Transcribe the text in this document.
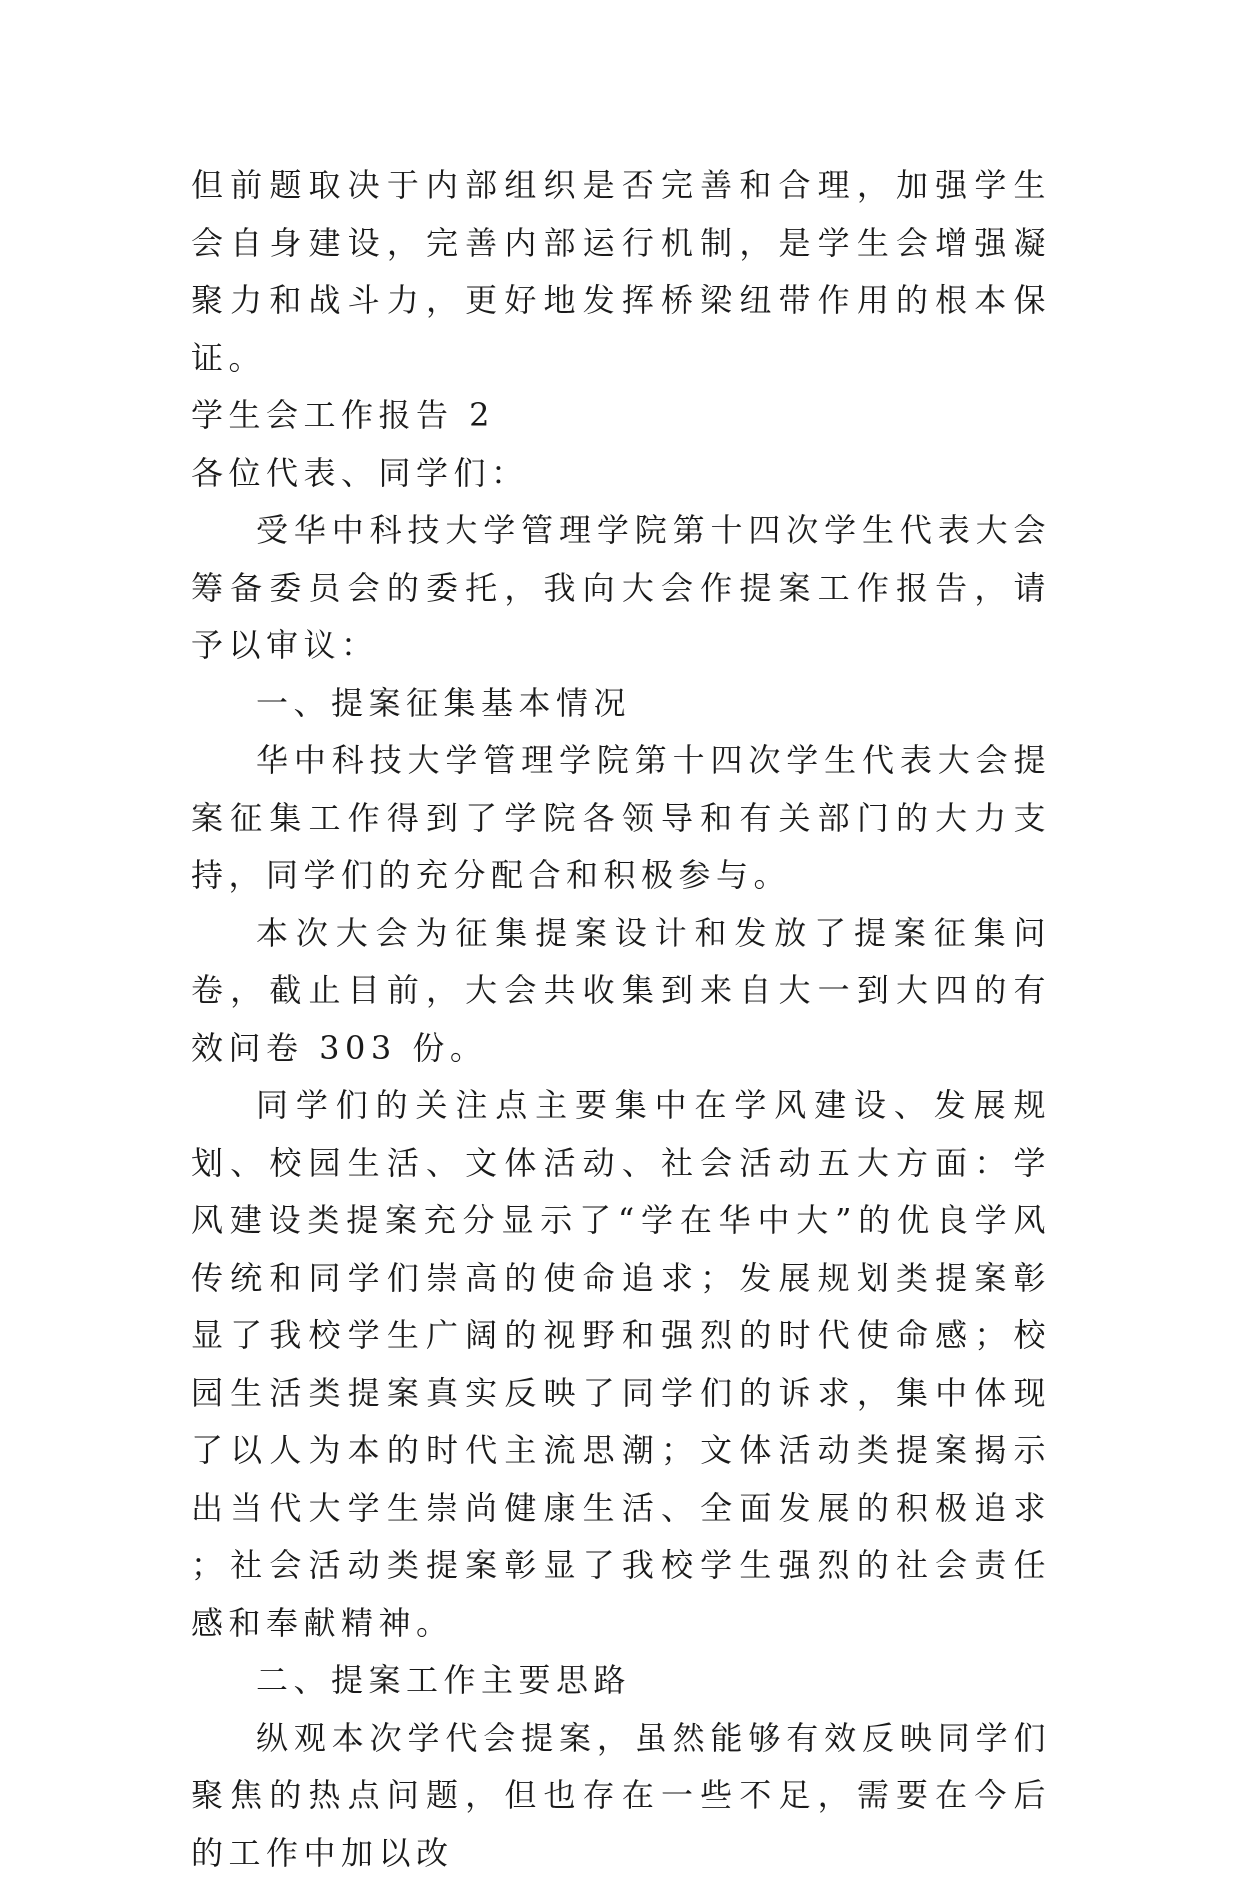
但前题取决于内部组织是否完善和合理，加强学生会自身建设，完善内部运行机制，是学生会增强凝聚力和战斗力，更好地发挥桥梁纽带作用的根本保证。

学生会工作报告 2

各位代表、同学们：

受华中科技大学管理学院第十四次学生代表大会筹备委员会的委托，我向大会作提案工作报告，请予以审议：

一、提案征集基本情况

华中科技大学管理学院第十四次学生代表大会提案征集工作得到了学院各领导和有关部门的大力支持，同学们的充分配合和积极参与。

本次大会为征集提案设计和发放了提案征集问卷，截止目前，大会共收集到来自大一到大四的有效问卷 303 份。

同学们的关注点主要集中在学风建设、发展规划、校园生活、文体活动、社会活动五大方面：学风建设类提案充分显示了“学在华中大”的优良学风传统和同学们崇高的使命追求；发展规划类提案彰显了我校学生广阔的视野和强烈的时代使命感；校园生活类提案真实反映了同学们的诉求，集中体现了以人为本的时代主流思潮；文体活动类提案揭示出当代大学生崇尚健康生活、全面发展的积极追求 ；社会活动类提案彰显了我校学生强烈的社会责任感和奉献精神。

二、提案工作主要思路

纵观本次学代会提案，虽然能够有效反映同学们聚焦的热点问题，但也存在一些不足，需要在今后的工作中加以改
